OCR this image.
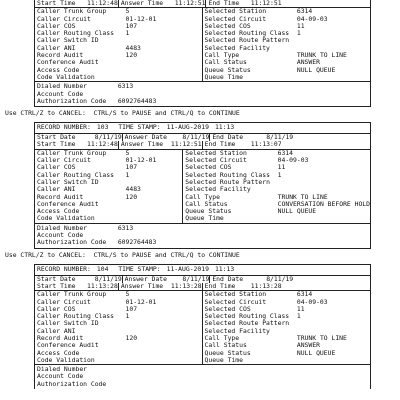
Start Time 11:12:48 Answer Time 11:12:51 End Time 11:12:51
Caller Trunk Group	5
Caller Circuit	01-12-01
Caller COS	107
Caller Routing Class 1
Caller Switch ID
Caller ANI	4483
Record Audit	120
Conference Audit
Access Code
Code Validation
Selected Station	6314
Selected Circuit	04-09-03
Selected COS	11
Selected Routing Class 1
Selected Route Pattern
Selected Facility
Call Type	TRUNK TO LINE
Call Status	ANSWER
Queue Status	NULL QUEUE
Queue Time
Dialed Number	6313
Account Code
Authorization Code 6092764483
Use CTRL/Z to CANCEL:  CTRL/S to PAUSE and CTRL/Q to CONTINUE
RECORD NUMBER: 103 TIME STAMP: 11-AUG-2019 11:13
Start Date	8/11/19 Answer Date 8/11/19 End Date	8/11/19
Start Time 11:12:48 Answer Time 11:12:51 End Time 11:13:07
Caller Trunk Group	5
Caller Circuit	01-12-01
Caller COS	107
Caller Routing Class 1
Caller Switch ID
Caller ANI	4483
Record Audit	120
Conference Audit
Access Code
Code Validation
Selected Station	6314
Selected Circuit	04-09-03
Selected COS	11
Selected Routing Class 1
Selected Route Pattern
Selected Facility
Call Type	TRUNK TO LINE
Call Status	CONVERSATION BEFORE HOLD
Queue Status	NULL QUEUE
Queue Time
Dialed Number	6313
Account Code
Authorization Code 6092764483
Use CTRL/Z to CANCEL:  CTRL/S to PAUSE and CTRL/Q to CONTINUE
RECORD NUMBER: 104 TIME STAMP: 11-AUG-2019 11:13
Start Date	8/11/19 Answer Date 8/11/19 End Date	8/11/19
Start Time 11:13:28 Answer Time 11:13:28 End Time 11:13:28
Caller Trunk Group	5
Caller Circuit	01-12-01
Caller COS	107
Caller Routing Class 1
Caller Switch ID
Caller ANI
Record Audit	120
Conference Audit
Access Code
Code Validation
Selected Station	6314
Selected Circuit	04-09-03
Selected COS	11
Selected Routing Class 1
Selected Route Pattern
Selected Facility
Call Type	TRUNK TO LINE
Call Status	ANSWER
Queue Status	NULL QUEUE
Queue Time
Dialed Number
Account Code
Authorization Code
